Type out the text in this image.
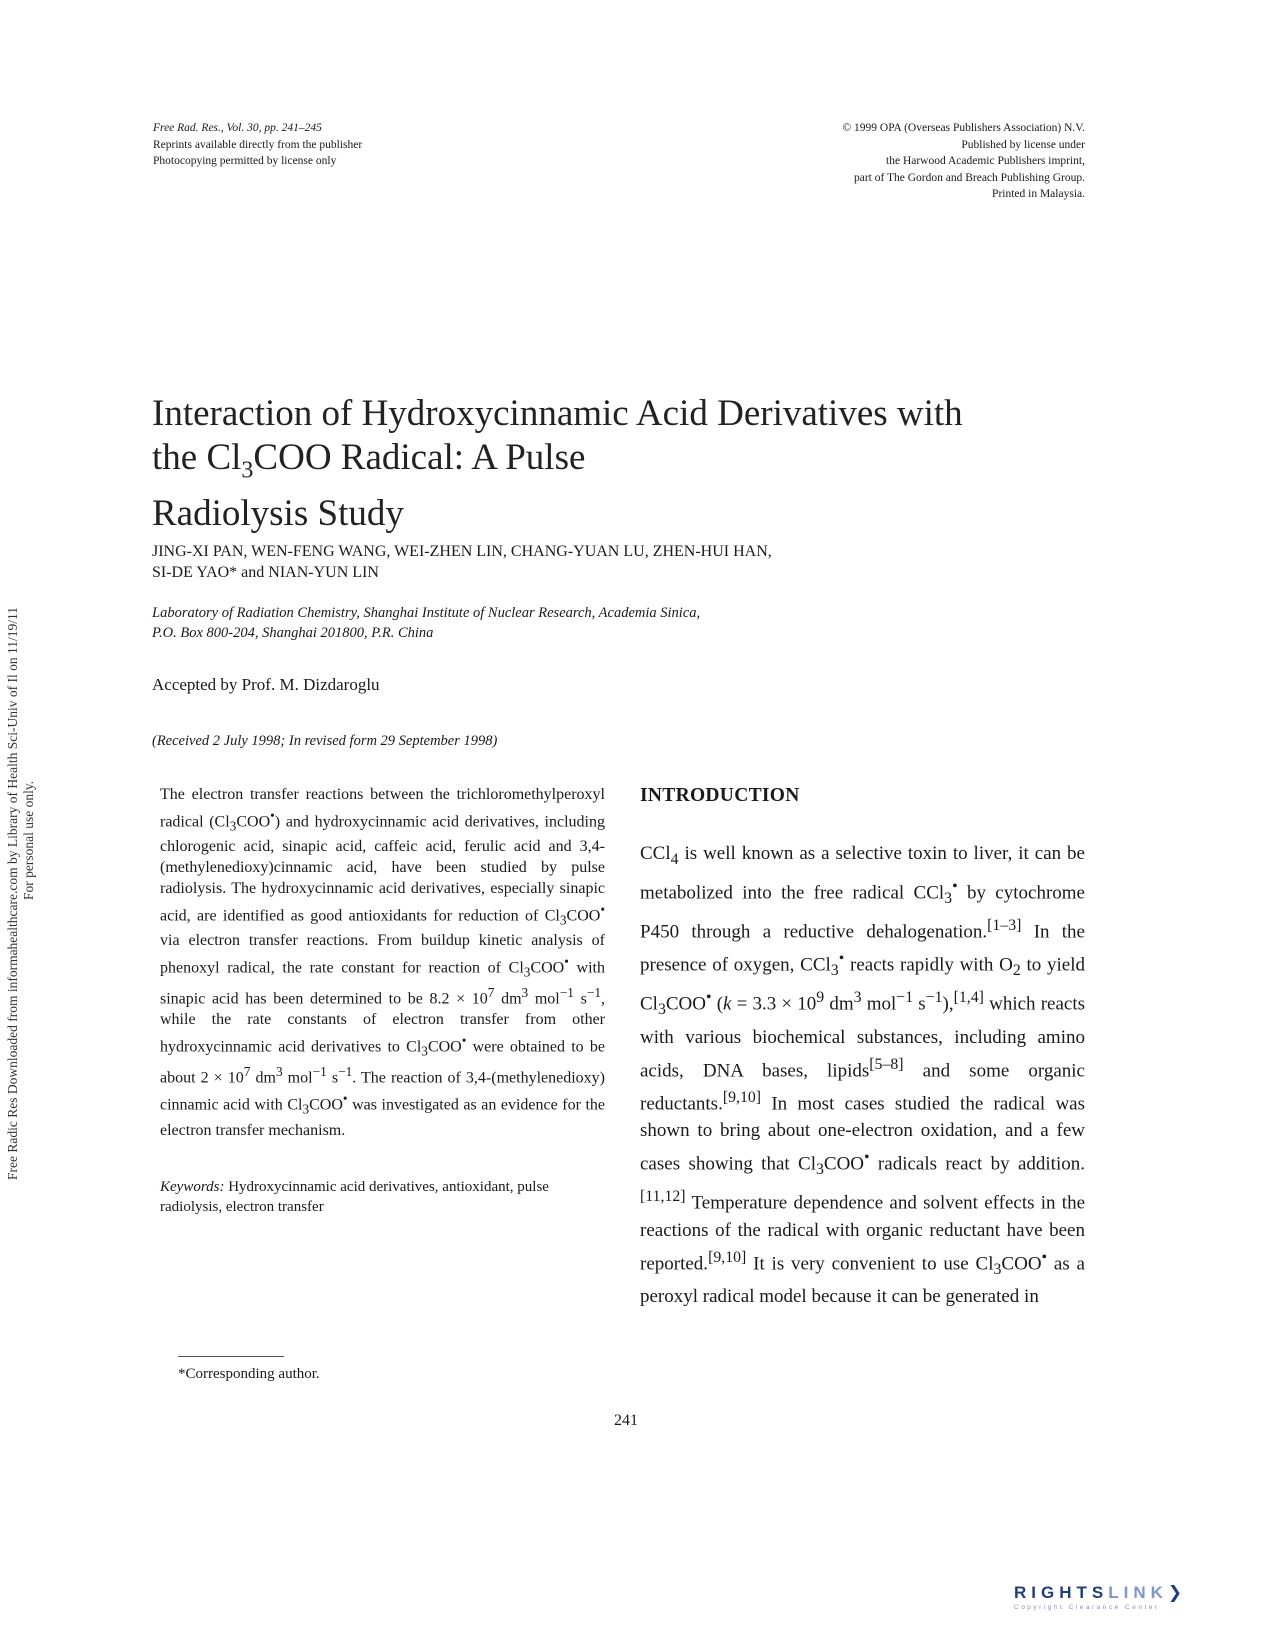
Free Rad. Res., Vol. 30, pp. 241–245
Reprints available directly from the publisher
Photocopying permitted by license only
© 1999 OPA (Overseas Publishers Association) N.V.
Published by license under
the Harwood Academic Publishers imprint,
part of The Gordon and Breach Publishing Group.
Printed in Malaysia.
Interaction of Hydroxycinnamic Acid Derivatives with
the $Cl_3COO$ Radical: A Pulse
Radiolysis Study
JING-XI PAN, WEN-FENG WANG, WEI-ZHEN LIN, CHANG-YUAN LU, ZHEN-HUI HAN,
SI-DE YAO* and NIAN-YUN LIN
Laboratory of Radiation Chemistry, Shanghai Institute of Nuclear Research, Academia Sinica,
P.O. Box 800-204, Shanghai 201800, P.R. China
Accepted by Prof. M. Dizdaroglu
(Received 2 July 1998; In revised form 29 September 1998)
The electron transfer reactions between the trichloromethylperoxyl radical $(Cl_3COO^•)$ and hydroxycinnamic acid derivatives, including chlorogenic acid, sinapic acid, caffeic acid, ferulic acid and 3,4-(methylenedioxy)cinnamic acid, have been studied by pulse radiolysis. The hydroxycinnamic acid derivatives, especially sinapic acid, are identified as good antioxidants for reduction of $Cl_3COO^•$ via electron transfer reactions. From buildup kinetic analysis of phenoxyl radical, the rate constant for reaction of $Cl_3COO^•$ with sinapic acid has been determined to be $8.2 \times 10^7$ $dm^3$ mol$^{-1}$ $s^{-1}$, while the rate constants of electron transfer from other hydroxycinnamic acid derivatives to $Cl_3COO^•$ were obtained to be about $2 \times 10^7$ $dm^3$ mol$^{-1}$ $s^{-1}$. The reaction of 3,4-(methylenedioxy) cinnamic acid with $Cl_3COO^•$ was investigated as an evidence for the electron transfer mechanism.
Keywords: Hydroxycinnamic acid derivatives, antioxidant, pulse radiolysis, electron transfer
INTRODUCTION
CCl$_4$ is well known as a selective toxin to liver, it can be metabolized into the free radical CCl$_3$• by cytochrome P450 through a reductive dehalogenation.[1–3] In the presence of oxygen, CCl$_3$• reacts rapidly with $O_2$ to yield $Cl_3COO^•$ ($k = 3.3 \times 10^9$ $dm^3$ mol$^{-1}$ $s^{-1}),[1,4]$ which reacts with various biochemical substances, including amino acids, DNA bases, lipids[5–8] and some organic reductants.[9,10] In most cases studied the radical was shown to bring about one-electron oxidation, and a few cases showing that $Cl_3COO^•$ radicals react by addition.[11,12] Temperature dependence and solvent effects in the reactions of the radical with organic reductant have been reported.[9,10] It is very convenient to use $Cl_3COO^•$ as a peroxyl radical model because it can be generated in
*Corresponding author.
241
Free Radic Res Downloaded from informahealthcare.com by Library of Health Sci-Univ of Il on 11/19/11 For personal use only.
RIGHTSLINK❯
Copyright Clearance Center
